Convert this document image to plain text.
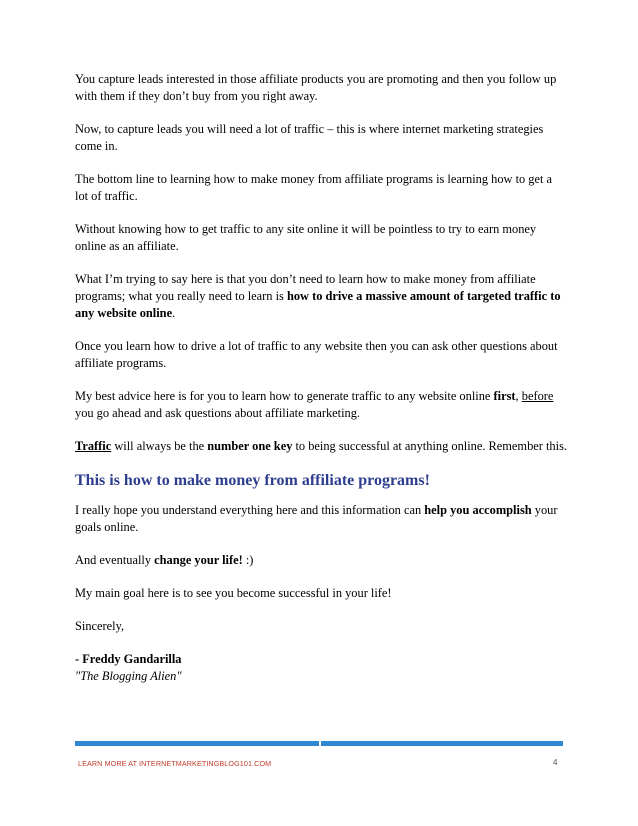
You capture leads interested in those affiliate products you are promoting and then you follow up with them if they don’t buy from you right away.

Now, to capture leads you will need a lot of traffic – this is where internet marketing strategies come in.

The bottom line to learning how to make money from affiliate programs is learning how to get a lot of traffic.

Without knowing how to get traffic to any site online it will be pointless to try to earn money online as an affiliate.

What I’m trying to say here is that you don’t need to learn how to make money from affiliate programs; what you really need to learn is how to drive a massive amount of targeted traffic to any website online.

Once you learn how to drive a lot of traffic to any website then you can ask other questions about affiliate programs.

My best advice here is for you to learn how to generate traffic to any website online first, before you go ahead and ask questions about affiliate marketing.

Traffic will always be the number one key to being successful at anything online. Remember this.

This is how to make money from affiliate programs!

I really hope you understand everything here and this information can help you accomplish your goals online.

And eventually change your life! :)

My main goal here is to see you become successful in your life!

Sincerely,

- Freddy Gandarilla
"The Blogging Alien"

LEARN MORE AT INTERNETMARKETINGBLOG101.COM	4
